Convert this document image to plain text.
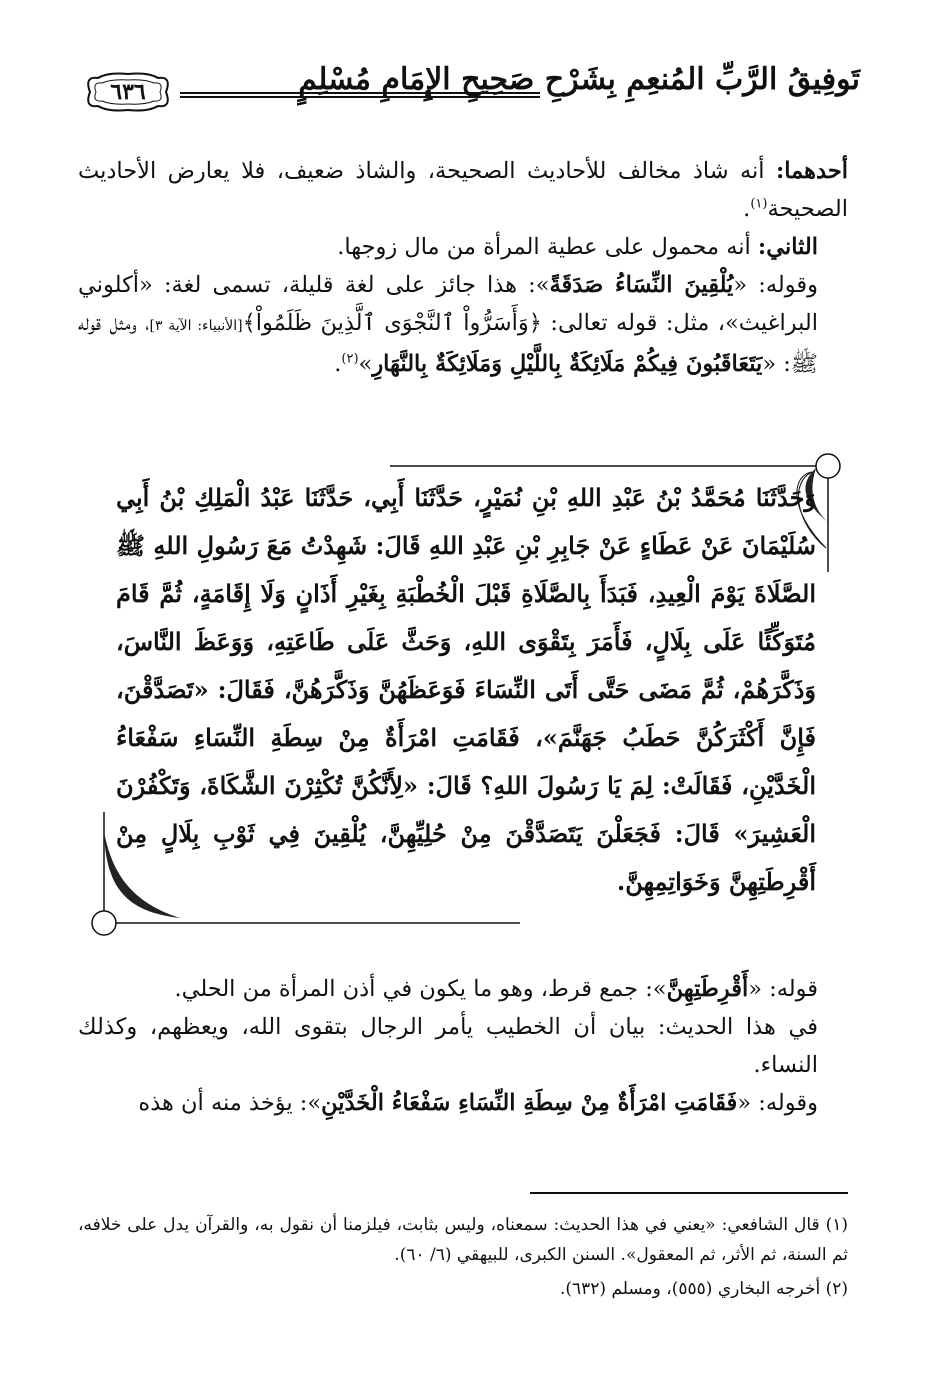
تَوفِيقُ الرَّبِّ المُنعِمِ بِشَرْحِ صَحِيحِ الإِمَامِ مُسْلِمٍ
٦٣٦

أحدهما: أنه شاذ مخالف للأحاديث الصحيحة، والشاذ ضعيف، فلا يعارض الأحاديث الصحيحة$^{(١)}$.

الثاني: أنه محمول على عطية المرأة من مال زوجها.

وقوله: «يُلْقِينَ النِّسَاءُ صَدَقَةً»: هذا جائز على لغة قليلة، تسمى لغة: «أكلوني البراغيث»، مثل: قوله تعالى: ﴿وَأَسَرُّواْ ٱلنَّجْوَى ٱلَّذِينَ ظَلَمُواْ﴾[الأنبياء: الآية ٣]، ومثل قوله ﷺ: «يَتَعَاقَبُونَ فِيكُمْ مَلَائِكَةٌ بِاللَّيْلِ وَمَلَائِكَةٌ بِالنَّهَارِ»$^{(٢)}$.

وَحَدَّثَنَا مُحَمَّدُ بْنُ عَبْدِ اللهِ بْنِ نُمَيْرٍ، حَدَّثَنَا أَبِي، حَدَّثَنَا عَبْدُ الْمَلِكِ بْنُ أَبِي سُلَيْمَانَ عَنْ عَطَاءٍ عَنْ جَابِرِ بْنِ عَبْدِ اللهِ قَالَ: شَهِدْتُ مَعَ رَسُولِ اللهِ ﷺ الصَّلَاةَ يَوْمَ الْعِيدِ، فَبَدَأَ بِالصَّلَاةِ قَبْلَ الْخُطْبَةِ بِغَيْرِ أَذَانٍ وَلَا إِقَامَةٍ، ثُمَّ قَامَ مُتَوَكِّئًا عَلَى بِلَالٍ، فَأَمَرَ بِتَقْوَى اللهِ، وَحَثَّ عَلَى طَاعَتِهِ، وَوَعَظَ النَّاسَ، وَذَكَّرَهُمْ، ثُمَّ مَضَى حَتَّى أَتَى النِّسَاءَ فَوَعَظَهُنَّ وَذَكَّرَهُنَّ، فَقَالَ: «تَصَدَّقْنَ، فَإِنَّ أَكْثَرَكُنَّ حَطَبُ جَهَنَّمَ»، فَقَامَتِ امْرَأَةٌ مِنْ سِطَةِ النِّسَاءِ سَفْعَاءُ الْخَدَّيْنِ، فَقَالَتْ: لِمَ يَا رَسُولَ اللهِ؟ قَالَ: «لِأَنَّكُنَّ تُكْثِرْنَ الشَّكَاةَ، وَتَكْفُرْنَ الْعَشِيرَ» قَالَ: فَجَعَلْنَ يَتَصَدَّقْنَ مِنْ حُلِيِّهِنَّ، يُلْقِينَ فِي ثَوْبِ بِلَالٍ مِنْ أَقْرِطَتِهِنَّ وَخَوَاتِمِهِنَّ.

قوله: «أَقْرِطَتِهِنَّ»: جمع قرط، وهو ما يكون في أذن المرأة من الحلي.

في هذا الحديث: بيان أن الخطيب يأمر الرجال بتقوى الله، ويعظهم، وكذلك النساء.

وقوله: «فَقَامَتِ امْرَأَةٌ مِنْ سِطَةِ النِّسَاءِ سَفْعَاءُ الْخَدَّيْنِ»: يؤخذ منه أن هذه

(١) قال الشافعي: «يعني في هذا الحديث: سمعناه، وليس بثابت، فيلزمنا أن نقول به، والقرآن يدل على خلافه، ثم السنة، ثم الأثر، ثم المعقول». السنن الكبرى، للبيهقي (٦/ ٦٠).

(٢) أخرجه البخاري (٥٥٥)، ومسلم (٦٣٢).
